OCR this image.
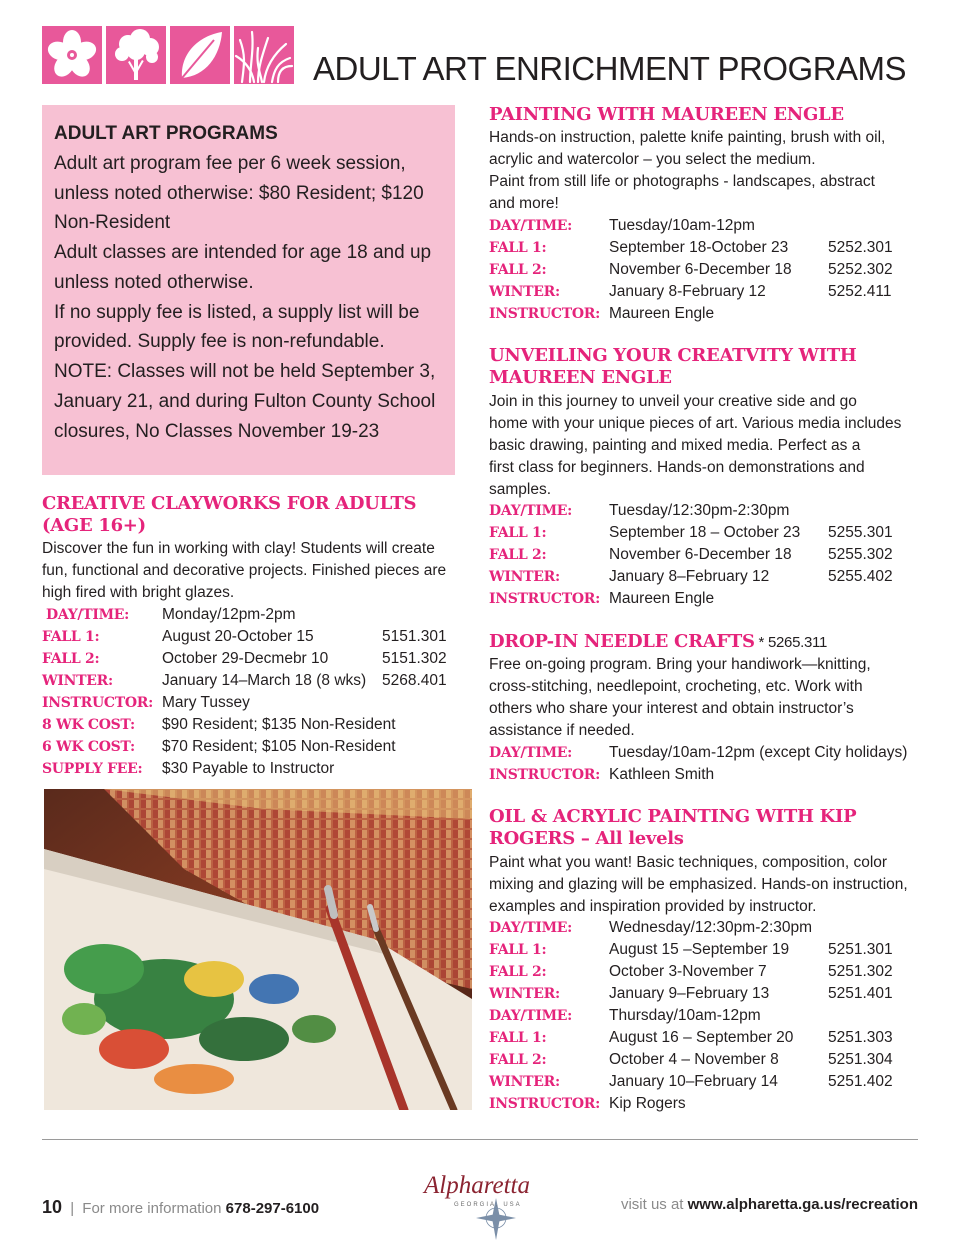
ADULT ART ENRICHMENT PROGRAMS
ADULT ART PROGRAMS
Adult art program fee per 6 week session,
unless noted otherwise: $80 Resident; $120
Non-Resident
Adult classes are intended for age 18 and up
unless noted otherwise.
If no supply fee is listed, a supply list will be
provided. Supply fee is non-refundable.
NOTE: Classes will not be held September 3,
January 21, and during Fulton County School
closures, No Classes November 19-23
CREATIVE CLAYWORKS FOR ADULTS
(AGE 16+)
Discover the fun in working with clay! Students will create
fun, functional and decorative projects. Finished pieces are
high fired with bright glazes.
DAY/TIME: Monday/12pm-2pm
FALL 1:	August 20-October 15	5151.301
FALL 2:	October 29-Decmebr 10	5151.302
WINTER:	January 14–March 18 (8 wks) 5268.401
INSTRUCTOR: Mary Tussey
8 WK COST: $90 Resident; $135 Non-Resident
6 WK COST: $70 Resident; $105 Non-Resident
SUPPLY FEE: $30 Payable to Instructor
PAINTING WITH MAUREEN ENGLE
Hands-on instruction, palette knife painting, brush with oil,
acrylic and watercolor – you select the medium.
Paint from still life or photographs - landscapes, abstract
and more!
DAY/TIME: Tuesday/10am-12pm
FALL 1:	September 18-October 23	5252.301
FALL 2:	November 6-December 18 5252.302
WINTER:	January 8-February 12	5252.411
INSTRUCTOR: Maureen Engle
UNVEILING YOUR CREATVITY WITH
MAUREEN ENGLE
Join in this journey to unveil your creative side and go
home with your unique pieces of art. Various media includes
basic drawing, painting and mixed media. Perfect as a
first class for beginners. Hands-on demonstrations and
samples.
DAY/TIME: Tuesday/12:30pm-2:30pm
FALL 1:	September 18 – October 23 5255.301
FALL 2:	November 6-December 18 5255.302
WINTER:	January 8–February 12	5255.402
INSTRUCTOR: Maureen Engle
DROP-IN NEEDLE CRAFTS * 5265.311
Free on-going program. Bring your handiwork—knitting,
cross-stitching, needlepoint, crocheting, etc. Work with
others who share your interest and obtain instructor’s
assistance if needed.
DAY/TIME: Tuesday/10am-12pm (except City holidays)
INSTRUCTOR: Kathleen Smith
OIL & ACRYLIC PAINTING WITH KIP
ROGERS – All levels
Paint what you want! Basic techniques, composition, color
mixing and glazing will be emphasized. Hands-on instruction,
examples and inspiration provided by instructor.
DAY/TIME: Wednesday/12:30pm-2:30pm
FALL 1:	August 15 –September 19	5251.301
FALL 2:	October 3-November 7	5251.302
WINTER:	January 9–February 13	5251.401
DAY/TIME: Thursday/10am-12pm
FALL 1:	August 16 – September 20 5251.303
FALL 2:	October 4 – November 8	5251.304
WINTER:	January 10–February 14	5251.402
INSTRUCTOR: Kip Rogers
10 | For more information 678-297-6100
Alpharetta
GEORGIA, USA	visit us at www.alpharetta.ga.us/recreation
